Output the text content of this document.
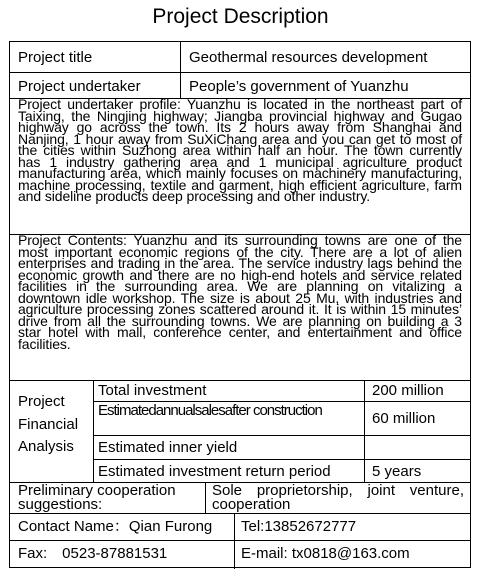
Project Description
Project title	Geothermal resources development
Project undertaker	People’s government of Yuanzhu
Project undertaker profile: Yuanzhu is located in the northeast part of Taixing, the Ningjing highway; Jiangba provincial highway and Gugao highway go across the town. Its 2 hours away from Shanghai and Nanjing, 1 hour away from SuXiChang area and you can get to most of the cities within Suzhong area within half an hour. The town currently has 1 industry gathering area and 1 municipal agriculture product manufacturing area, which mainly focuses on machinery manufacturing, machine processing, textile and garment, high efficient agriculture, farm and sideline products deep processing and other industry.
Project Contents: Yuanzhu and its surrounding towns are one of the most important economic regions of the city. There are a lot of alien enterprises and trading in the area. The service industry lags behind the economic growth and there are no high-end hotels and service related facilities in the surrounding area. We are planning on vitalizing a downtown idle workshop. The size is about 25 Mu, with industries and agriculture processing zones scattered around it. It is within 15 minutes’ drive from all the surrounding towns. We are planning on building a 3 star hotel with mall, conference center, and entertainment and office facilities.
Project Financial Analysis
Total investment	200 million
Estimatedannualsalesafter construction	60 million
Estimated inner yield
Estimated investment return period	5 years
Preliminary cooperation suggestions:
Sole proprietorship, joint venture, cooperation
Contact Name：Qian Furong	Tel:13852672777
Fax:　0523-87881531	E-mail: tx0818@163.com
